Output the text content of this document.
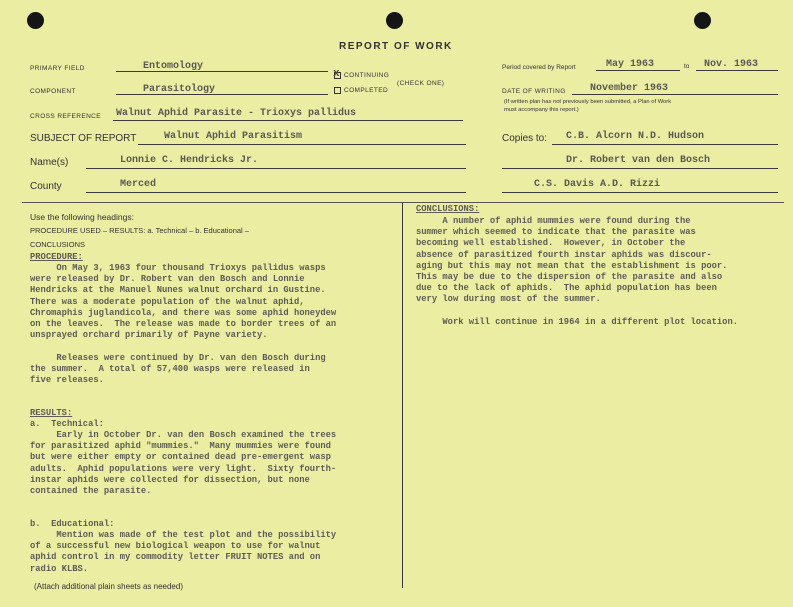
REPORT OF WORK
PRIMARY FIELD	Entomology
COMPONENT	Parasitology
x CONTINUING
COMPLETED
(CHECK ONE)
Period covered by Report	May 1963	to Nov. 1963
DATE OF WRITING November 1963
(If written plan has not previously been submitted, a Plan of Work
must accompany this report.)
CROSS REFERENCE Walnut Aphid Parasite - Trioxys pallidus
SUBJECT OF REPORT	Walnut Aphid Parasitism
Name(s)	Lonnie C. Hendricks Jr.
County	Merced
Copies to: C.B. Alcorn N.D. Hudson
Dr. Robert van den Bosch
C.S. Davis A.D. Rizzi
Use the following headings:
PROCEDURE USED – RESULTS: a. Technical – b. Educational –
CONCLUSIONS
PROCEDURE:
On May 3, 1963 four thousand Trioxys pallidus wasps
were released by Dr. Robert van den Bosch and Lonnie
Hendricks at the Manuel Nunes walnut orchard in Gustine.
There was a moderate population of the walnut aphid,
Chromaphis juglandicola, and there was some aphid honeydew
on the leaves.  The release was made to border trees of an
unsprayed orchard primarily of Payne variety.

Releases were continued by Dr. van den Bosch during
the summer.  A total of 57,400 wasps were released in
five releases.
RESULTS:
a.  Technical:
Early in October Dr. van den Bosch examined the trees
for parasitized aphid "mummies."  Many mummies were found
but were either empty or contained dead pre-emergent wasp
adults.  Aphid populations were very light.  Sixty fourth-
instar aphids were collected for dissection, but none
contained the parasite.
b.  Educational:
Mention was made of the test plot and the possibility
of a successful new biological weapon to use for walnut
aphid control in my commodity letter FRUIT NOTES and on
radio KLBS.
(Attach additional plain sheets as needed)
CONCLUSIONS:
A number of aphid mummies were found during the
summer which seemed to indicate that the parasite was
becoming well established.  However, in October the
absence of parasitized fourth instar aphids was discour-
aging but this may not mean that the establishment is poor.
This may be due to the dispersion of the parasite and also
due to the lack of aphids.  The aphid population has been
very low during most of the summer.

Work will continue in 1964 in a different plot location.
